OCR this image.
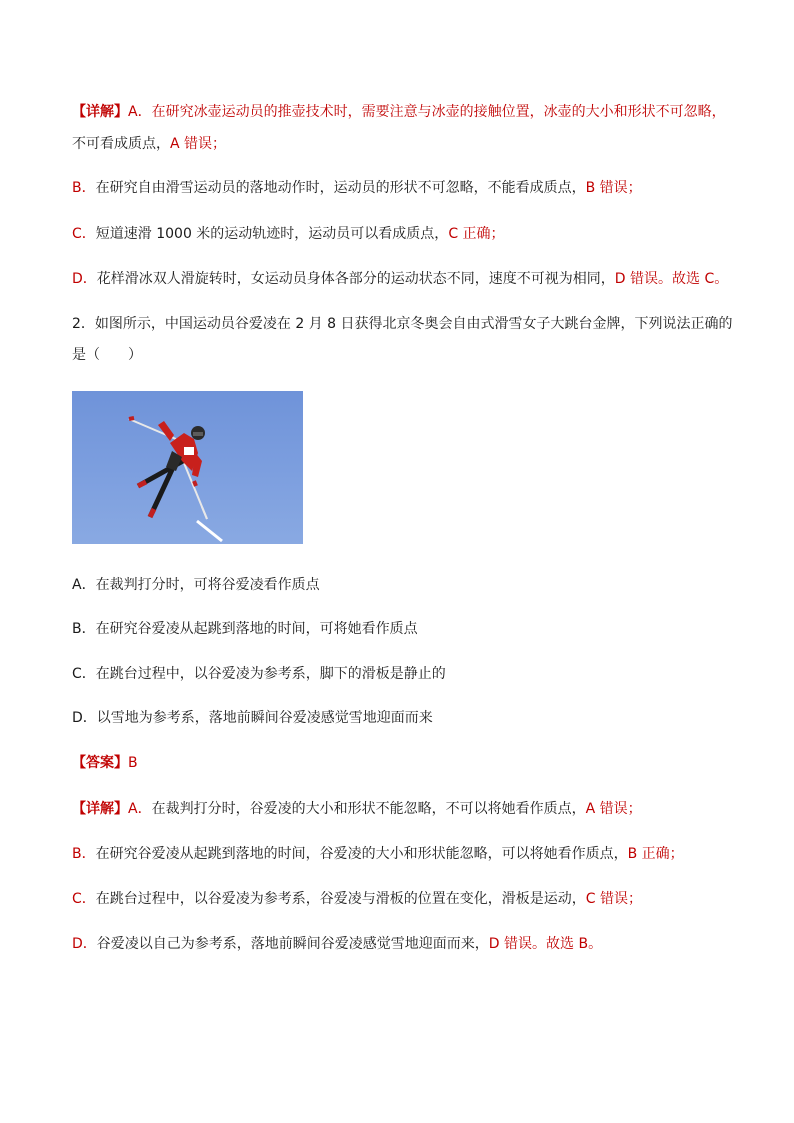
【详解】A．在研究冰壶运动员的推壶技术时，需要注意与冰壶的接触位置，冰壶的大小和形状不可忽略，
不可看成质点，A 错误；
B．在研究自由滑雪运动员的落地动作时，运动员的形状不可忽略，不能看成质点，B 错误；
C．短道速滑 1000 米的运动轨迹时，运动员可以看成质点，C 正确；
D．花样滑冰双人滑旋转时，女运动员身体各部分的运动状态不同，速度不可视为相同，D 错误。故选 C。
2．如图所示，中国运动员谷爱凌在 2 月 8 日获得北京冬奥会自由式滑雪女子大跳台金牌，下列说法正确的
是（　　）
A．在裁判打分时，可将谷爱凌看作质点
B．在研究谷爱凌从起跳到落地的时间，可将她看作质点
C．在跳台过程中，以谷爱凌为参考系，脚下的滑板是静止的
D．以雪地为参考系，落地前瞬间谷爱凌感觉雪地迎面而来
【答案】B
【详解】A．在裁判打分时，谷爱凌的大小和形状不能忽略，不可以将她看作质点，A 错误；
B．在研究谷爱凌从起跳到落地的时间，谷爱凌的大小和形状能忽略，可以将她看作质点，B 正确；
C．在跳台过程中，以谷爱凌为参考系，谷爱凌与滑板的位置在变化，滑板是运动，C 错误；
D．谷爱凌以自己为参考系，落地前瞬间谷爱凌感觉雪地迎面而来，D 错误。故选 B。
